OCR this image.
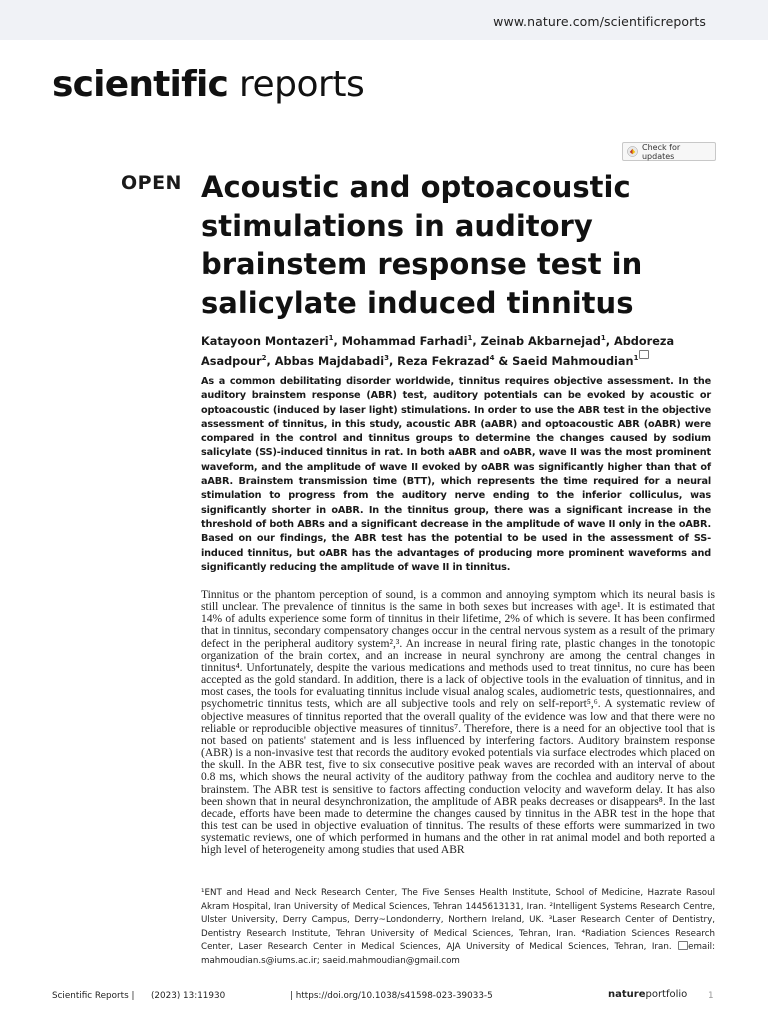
www.nature.com/scientificreports
scientific reports
Check for updates
OPEN Acoustic and optoacoustic stimulations in auditory brainstem response test in salicylate induced tinnitus
Katayoon Montazeri$^1$, Mohammad Farhadi$^1$, Zeinab Akbarnejad$^1$, Abdoreza Asadpour$^2$, Abbas Majdabadi$^3$, Reza Fekrazad$^4$ & Saeid Mahmoudian$^1$
As a common debilitating disorder worldwide, tinnitus requires objective assessment. In the auditory brainstem response (ABR) test, auditory potentials can be evoked by acoustic or optoacoustic (induced by laser light) stimulations. In order to use the ABR test in the objective assessment of tinnitus, in this study, acoustic ABR (aABR) and optoacoustic ABR (oABR) were compared in the control and tinnitus groups to determine the changes caused by sodium salicylate (SS)-induced tinnitus in rat. In both aABR and oABR, wave II was the most prominent waveform, and the amplitude of wave II evoked by oABR was significantly higher than that of aABR. Brainstem transmission time (BTT), which represents the time required for a neural stimulation to progress from the auditory nerve ending to the inferior colliculus, was significantly shorter in oABR. In the tinnitus group, there was a significant increase in the threshold of both ABRs and a significant decrease in the amplitude of wave II only in the oABR. Based on our findings, the ABR test has the potential to be used in the assessment of SS-induced tinnitus, but oABR has the advantages of producing more prominent waveforms and significantly reducing the amplitude of wave II in tinnitus.

Tinnitus or the phantom perception of sound, is a common and annoying symptom which its neural basis is still unclear. The prevalence of tinnitus is the same in both sexes but increases with age¹. It is estimated that 14% of adults experience some form of tinnitus in their lifetime, 2% of which is severe. It has been confirmed that in tinnitus, secondary compensatory changes occur in the central nervous system as a result of the primary defect in the peripheral auditory system²,³. An increase in neural firing rate, plastic changes in the tonotopic organization of the brain cortex, and an increase in neural synchrony are among the central changes in tinnitus⁴. Unfortunately, despite the various medications and methods used to treat tinnitus, no cure has been accepted as the gold standard. In addition, there is a lack of objective tools in the evaluation of tinnitus, and in most cases, the tools for evaluating tinnitus include visual analog scales, audiometric tests, questionnaires, and psychometric tinnitus tests, which are all subjective tools and rely on self-report⁵,⁶. A systematic review of objective measures of tinnitus reported that the overall quality of the evidence was low and that there were no reliable or reproducible objective measures of tinnitus⁷. Therefore, there is a need for an objective tool that is not based on patients' statement and is less influenced by interfering factors. Auditory brainstem response (ABR) is a non-invasive test that records the auditory evoked potentials via surface electrodes which placed on the skull. In the ABR test, five to six consecutive positive peak waves are recorded with an interval of about 0.8 ms, which shows the neural activity of the auditory pathway from the cochlea and auditory nerve to the brainstem. The ABR test is sensitive to factors affecting conduction velocity and waveform delay. It has also been shown that in neural desynchronization, the amplitude of ABR peaks decreases or disappears⁸. In the last decade, efforts have been made to determine the changes caused by tinnitus in the ABR test in the hope that this test can be used in objective evaluation of tinnitus. The results of these efforts were summarized in two systematic reviews, one of which performed in humans and the other in rat animal model and both reported a high level of heterogeneity among studies that used ABR

¹ENT and Head and Neck Research Center, The Five Senses Health Institute, School of Medicine, Hazrate Rasoul Akram Hospital, Iran University of Medical Sciences, Tehran 1445613131, Iran. ²Intelligent Systems Research Centre, Ulster University, Derry Campus, Derry~Londonderry, Northern Ireland, UK. ³Laser Research Center of Dentistry, Dentistry Research Institute, Tehran University of Medical Sciences, Tehran, Iran. ⁴Radiation Sciences Research Center, Laser Research Center in Medical Sciences, AJA University of Medical Sciences, Tehran, Iran. email: mahmoudian.s@iums.ac.ir; saeid.mahmoudian@gmail.com
Scientific Reports | (2023) 13:11930	| https://doi.org/10.1038/s41598-023-39033-5	natureportfolio 1
